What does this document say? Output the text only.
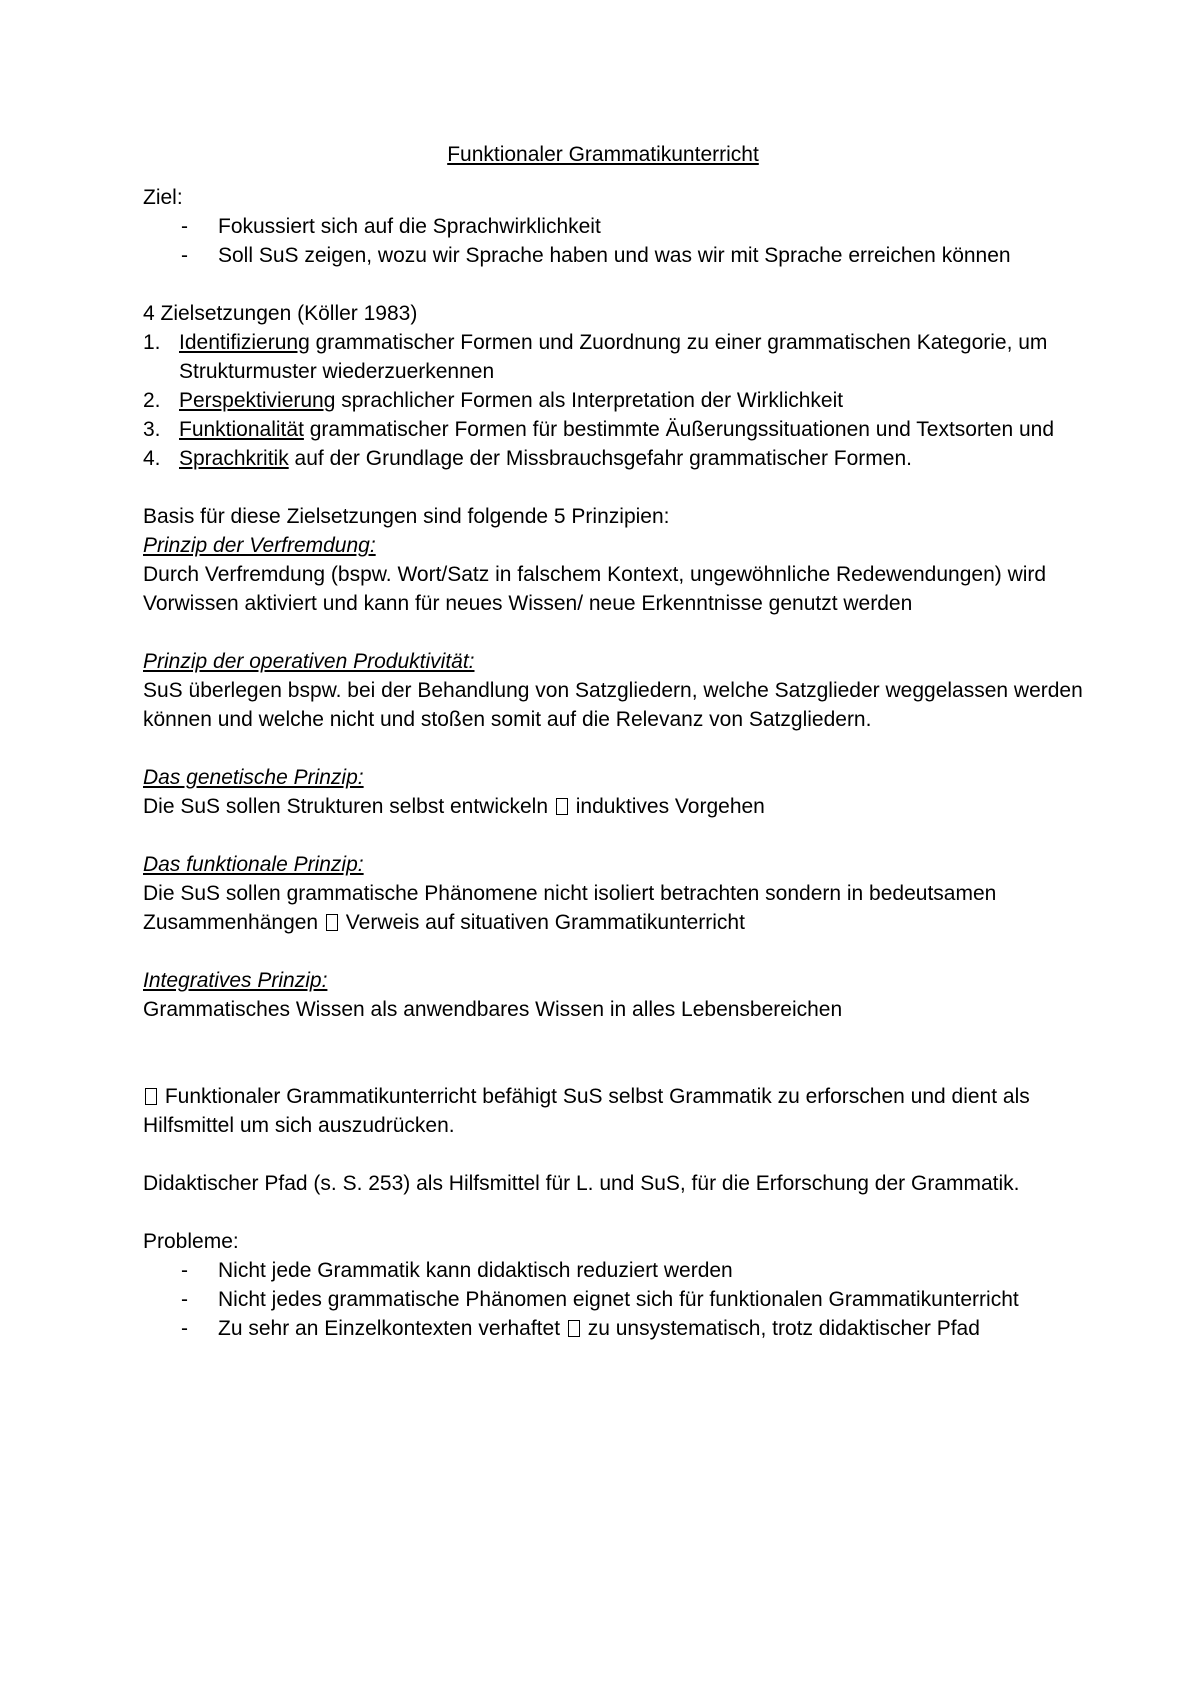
Funktionaler Grammatikunterricht

Ziel:

- Fokussiert sich auf die Sprachwirklichkeit
- Soll SuS zeigen, wozu wir Sprache haben und was wir mit Sprache erreichen können

4 Zielsetzungen (Köller 1983)

1. Identifizierung grammatischer Formen und Zuordnung zu einer grammatischen Kategorie, um Strukturmuster wiederzuerkennen
2. Perspektivierung sprachlicher Formen als Interpretation der Wirklichkeit
3. Funktionalität grammatischer Formen für bestimmte Äußerungssituationen und Textsorten und
4. Sprachkritik auf der Grundlage der Missbrauchsgefahr grammatischer Formen.

Basis für diese Zielsetzungen sind folgende 5 Prinzipien:

Prinzip der Verfremdung:

Durch Verfremdung (bspw. Wort/Satz in falschem Kontext, ungewöhnliche Redewendungen) wird Vorwissen aktiviert und kann für neues Wissen/ neue Erkenntnisse genutzt werden

Prinzip der operativen Produktivität:

SuS überlegen bspw. bei der Behandlung von Satzgliedern, welche Satzglieder weggelassen werden können und welche nicht und stoßen somit auf die Relevanz von Satzgliedern.

Das genetische Prinzip:

Die SuS sollen Strukturen selbst entwickeln induktives Vorgehen

Das funktionale Prinzip:

Die SuS sollen grammatische Phänomene nicht isoliert betrachten sondern in bedeutsamen Zusammenhängen Verweis auf situativen Grammatikunterricht

Integratives Prinzip:

Grammatisches Wissen als anwendbares Wissen in alles Lebensbereichen

Funktionaler Grammatikunterricht befähigt SuS selbst Grammatik zu erforschen und dient als Hilfsmittel um sich auszudrücken.

Didaktischer Pfad (s. S. 253) als Hilfsmittel für L. und SuS, für die Erforschung der Grammatik.

Probleme:

- Nicht jede Grammatik kann didaktisch reduziert werden
- Nicht jedes grammatische Phänomen eignet sich für funktionalen Grammatikunterricht
- Zu sehr an Einzelkontexten verhaftet zu unsystematisch, trotz didaktischer Pfad
